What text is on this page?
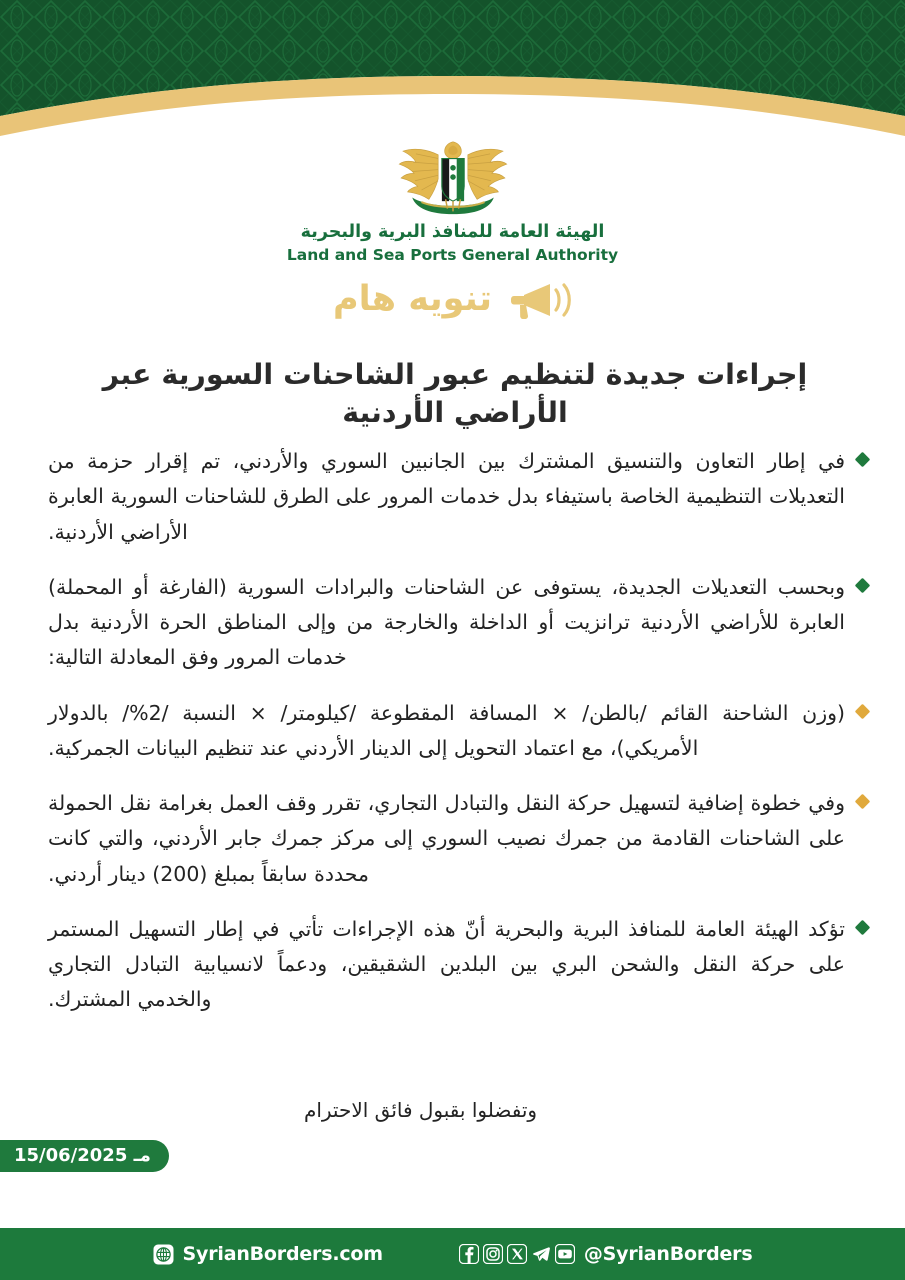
الهيئة العامة للمنافذ البرية والبحرية
Land and Sea Ports General Authority
تنويه هام
إجراءات جديدة لتنظيم عبور الشاحنات السورية عبر الأراضي الأردنية
في إطار التعاون والتنسيق المشترك بين الجانبين السوري والأردني، تم إقرار حزمة من التعديلات التنظيمية الخاصة باستيفاء بدل خدمات المرور على الطرق للشاحنات السورية العابرة الأراضي الأردنية.
وبحسب التعديلات الجديدة، يستوفى عن الشاحنات والبرادات السورية (الفارغة أو المحملة) العابرة للأراضي الأردنية ترانزيت أو الداخلة والخارجة من وإلى المناطق الحرة الأردنية بدل خدمات المرور وفق المعادلة التالية:
(وزن الشاحنة القائم /بالطن/ × المسافة المقطوعة /كيلومتر/ × النسبة /2%/ بالدولار الأمريكي)، مع اعتماد التحويل إلى الدينار الأردني عند تنظيم البيانات الجمركية.
وفي خطوة إضافية لتسهيل حركة النقل والتبادل التجاري، تقرر وقف العمل بغرامة نقل الحمولة على الشاحنات القادمة من جمرك نصيب السوري إلى مركز جمرك جابر الأردني، والتي كانت محددة سابقاً بمبلغ (200) دينار أردني.
تؤكد الهيئة العامة للمنافذ البرية والبحرية أنّ هذه الإجراءات تأتي في إطار التسهيل المستمر على حركة النقل والشحن البري بين البلدين الشقيقين، ودعماً لانسيابية التبادل التجاري والخدمي المشترك.
وتفضلوا بقبول فائق الاحترام
15/06/2025 مـ
SyrianBorders.com	@SyrianBorders
